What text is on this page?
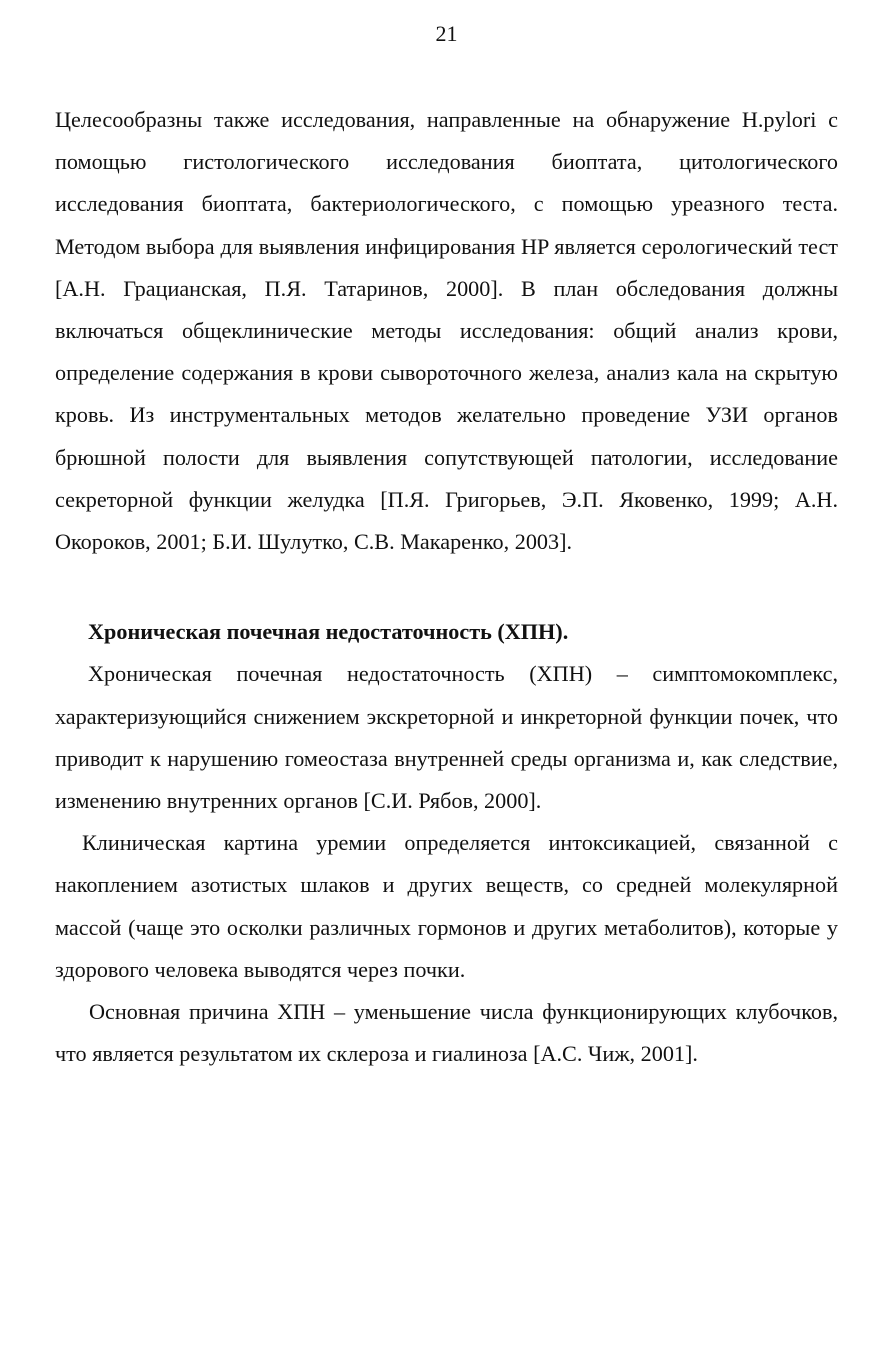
21

Целесообразны также исследования, направленные на обнаружение H.pylori с помощью гистологического исследования биоптата, цитологического исследования биоптата, бактериологического, с помощью уреазного теста. Методом выбора для выявления инфицирования HP является серологический тест [А.Н. Грацианская, П.Я. Татаринов, 2000]. В план обследования должны включаться общеклинические методы исследования: общий анализ крови, определение содержания в крови сывороточного железа, анализ кала на скрытую кровь. Из инструментальных методов желательно проведение УЗИ органов брюшной полости для выявления сопутствующей патологии, исследование секреторной функции желудка [П.Я. Григорьев, Э.П. Яковенко, 1999; А.Н. Окороков, 2001; Б.И. Шулутко, С.В. Макаренко, 2003].

Хроническая почечная недостаточность (ХПН).

Хроническая почечная недостаточность (ХПН) – симптомокомплекс, характеризующийся снижением экскреторной и инкреторной функции почек, что приводит к нарушению гомеостаза внутренней среды организма и, как следствие, изменению внутренних органов [С.И. Рябов, 2000].

Клиническая картина уремии определяется интоксикацией, связанной с накоплением азотистых шлаков и других веществ, со средней молекулярной массой (чаще это осколки различных гормонов и других метаболитов), которые у здорового человека выводятся через почки.

Основная причина ХПН – уменьшение числа функционирующих клубочков, что является результатом их склероза и гиалиноза [А.С. Чиж, 2001].
